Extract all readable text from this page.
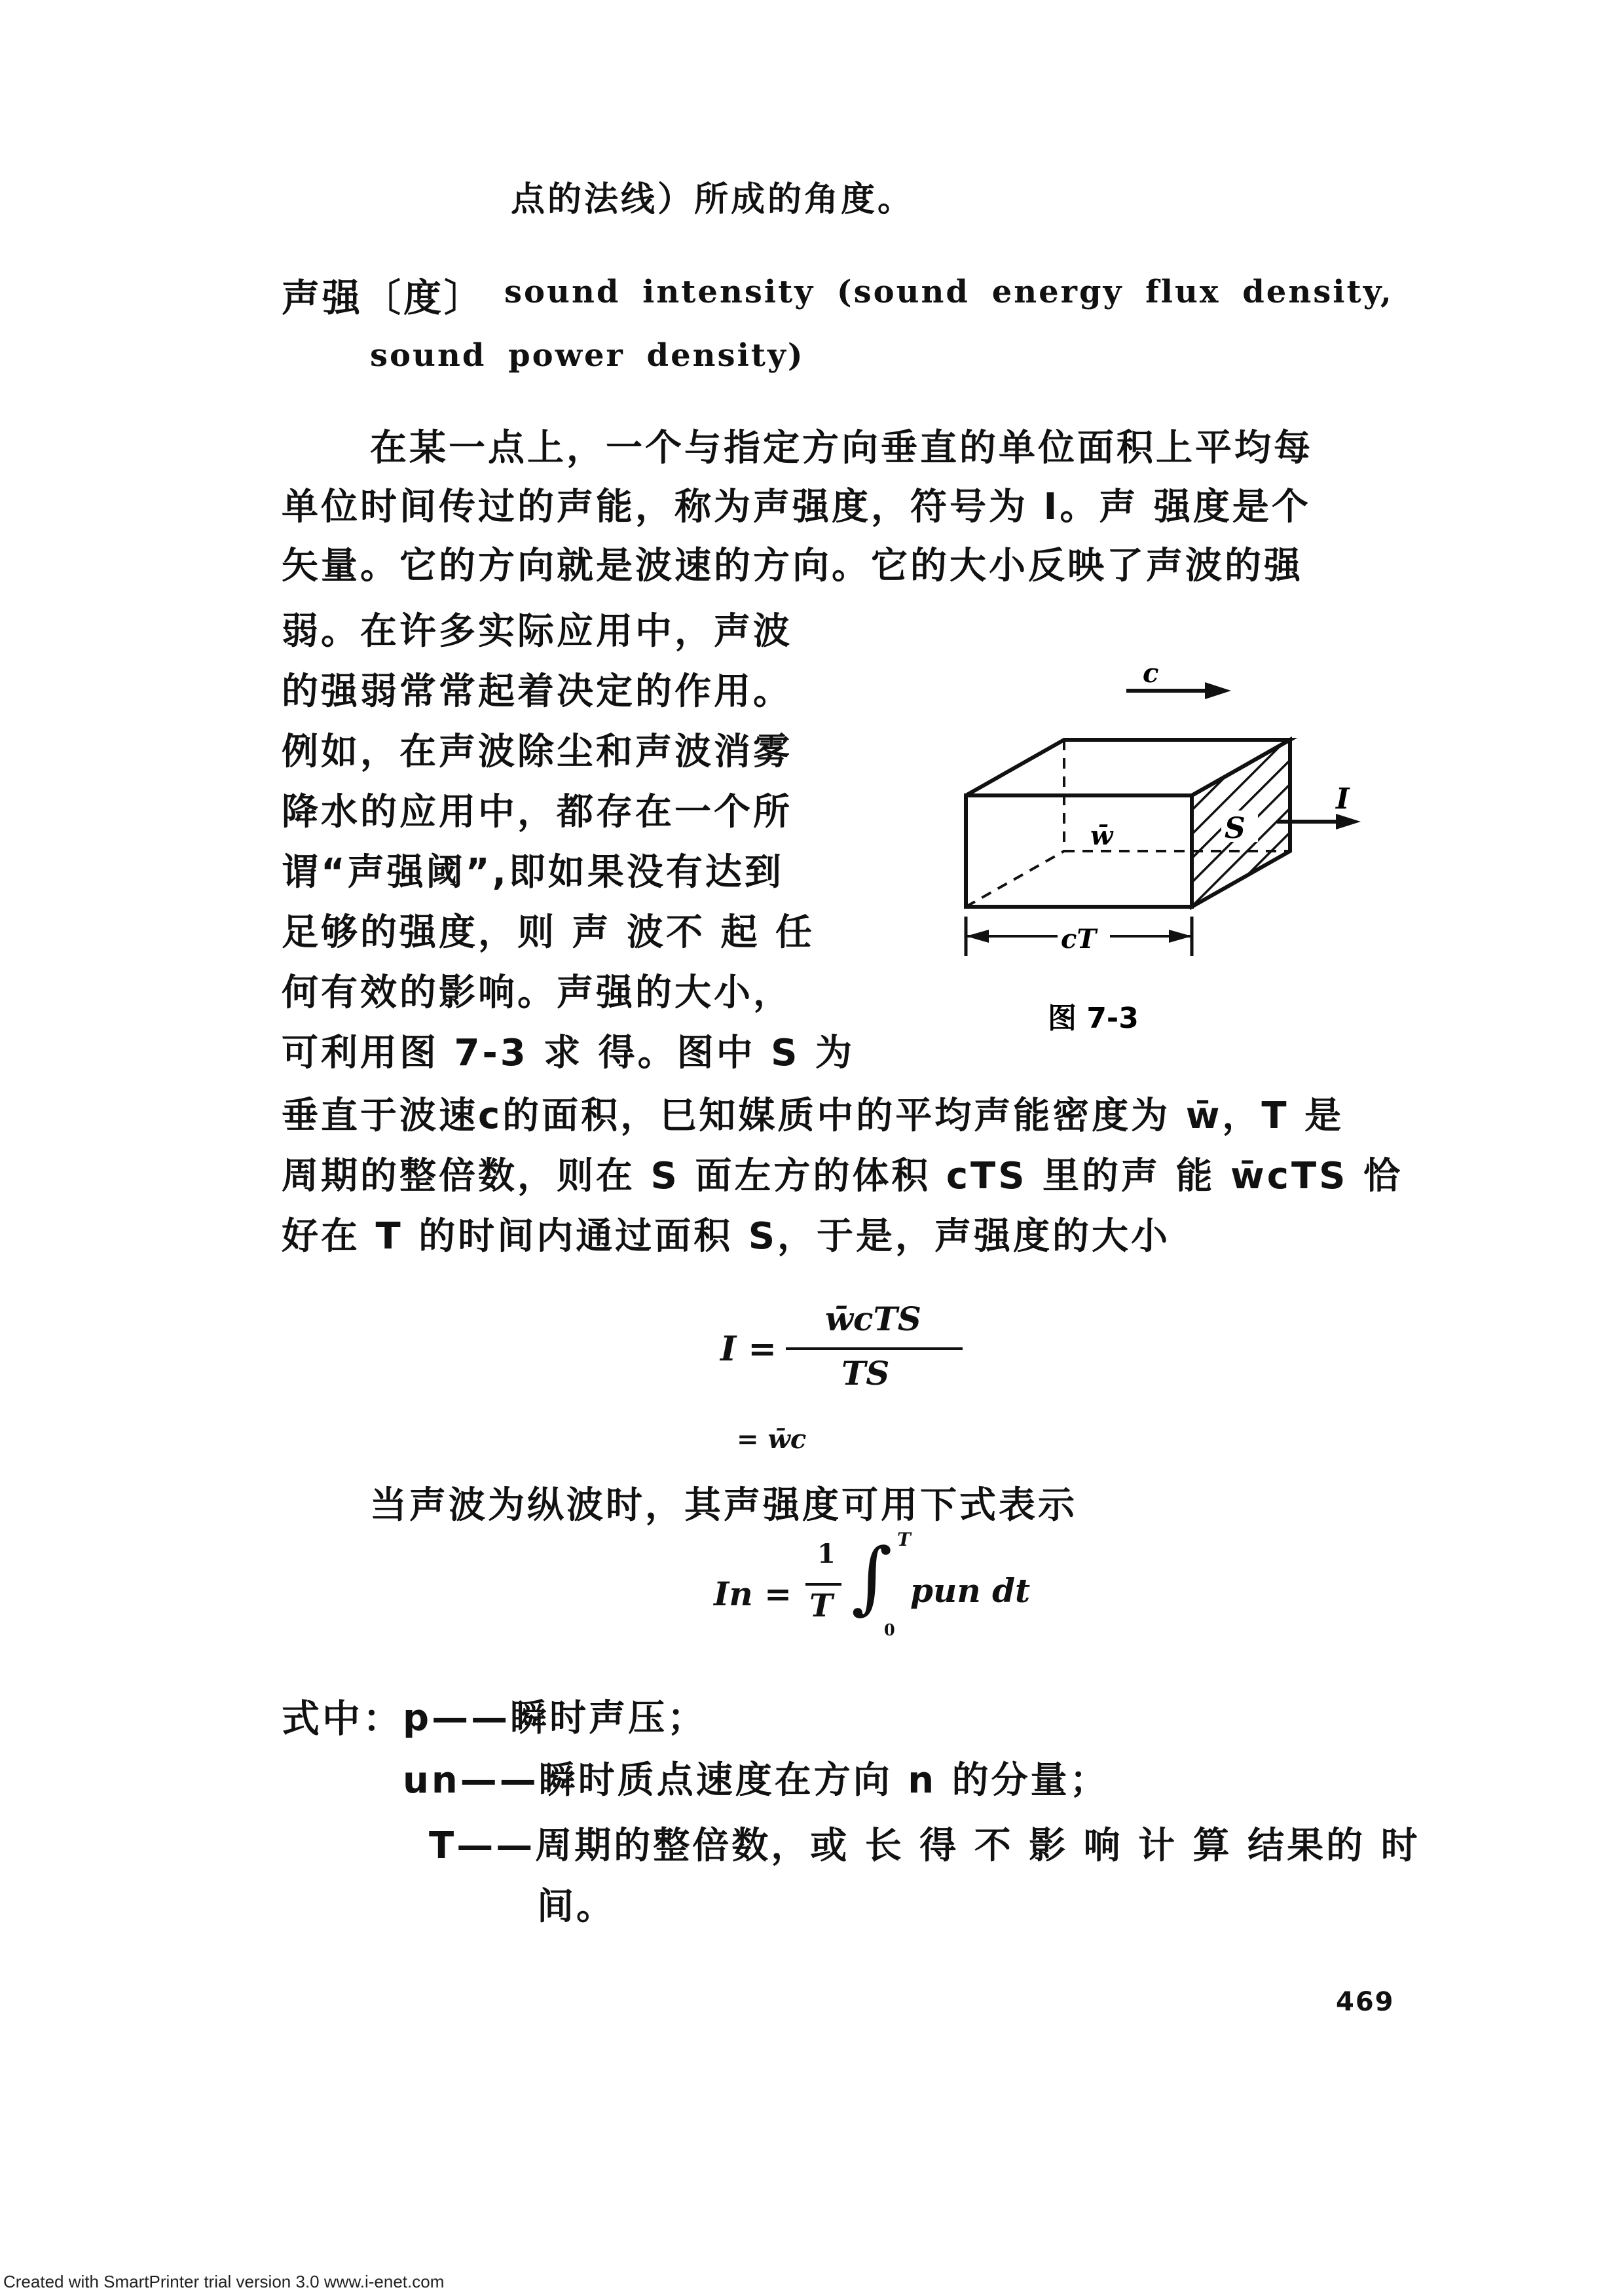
点的法线）所成的角度。
声强〔度〕 sound intensity (sound energy flux density,
sound power density)
在某一点上，一个与指定方向垂直的单位面积上平均每
单位时间传过的声能，称为声强度，符号为 I。声 强度是个
矢量。它的方向就是波速的方向。它的大小反映了声波的强
弱。在许多实际应用中，声波
的强弱常常起着决定的作用。
例如，在声波除尘和声波消雾
降水的应用中，都存在一个所
谓“声强阈”,即如果没有达到
足够的强度，则 声 波不 起 任
何有效的影响。声强的大小，
可利用图 7-3 求 得。图中 S 为
c
w̄	S
I
cT
图 7-3
垂直于波速c的面积，巳知媒质中的平均声能密度为 w̄，T 是
周期的整倍数，则在 S 面左方的体积 cTS 里的声 能 w̄cTS 恰
好在 T 的时间内通过面积 S，于是，声强度的大小
I =
w̄cTS
TS
= w̄c
当声波为纵波时，其声强度可用下式表示
In =
1
T ∫ T
0
pun dt
式中：
p——瞬时声压；
un——瞬时质点速度在方向 n 的分量；
T——周期的整倍数，或 长 得 不 影 响 计 算 结果的 时
间。
469
Created with SmartPrinter trial version 3.0 www.i-enet.com
